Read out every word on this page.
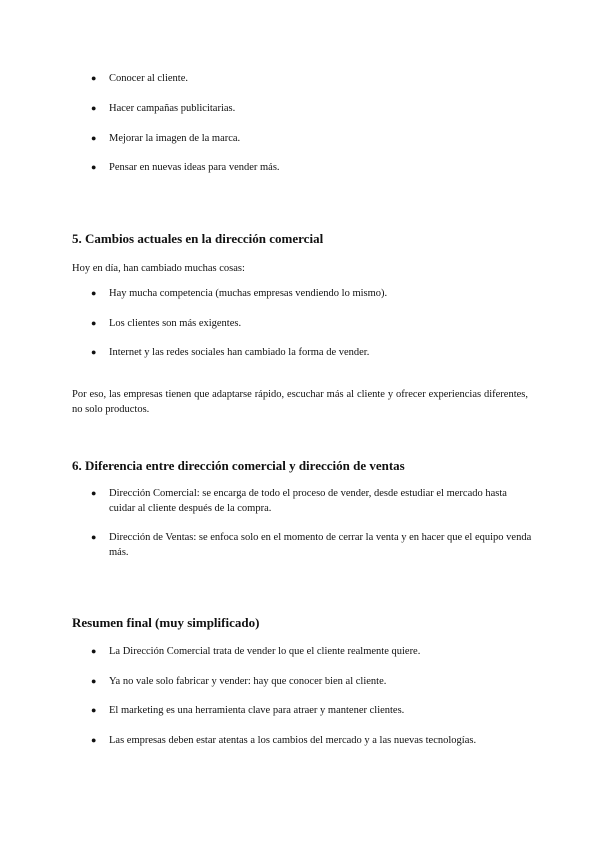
● Conocer al cliente.
● Hacer campañas publicitarias.
● Mejorar la imagen de la marca.
● Pensar en nuevas ideas para vender más.
5. Cambios actuales en la dirección comercial

Hoy en día, han cambiado muchas cosas:

● Hay mucha competencia (muchas empresas vendiendo lo mismo).
● Los clientes son más exigentes.
● Internet y las redes sociales han cambiado la forma de vender.

Por eso, las empresas tienen que adaptarse rápido, escuchar más al cliente y ofrecer experiencias diferentes, no solo productos.

6. Diferencia entre dirección comercial y dirección de ventas
● Dirección Comercial: se encarga de todo el proceso de vender, desde estudiar el mercado hasta cuidar al cliente después de la compra.
● Dirección de Ventas: se enfoca solo en el momento de cerrar la venta y en hacer que el equipo venda más.
Resumen final (muy simplificado)
● La Dirección Comercial trata de vender lo que el cliente realmente quiere.
● Ya no vale solo fabricar y vender: hay que conocer bien al cliente.
● El marketing es una herramienta clave para atraer y mantener clientes.
● Las empresas deben estar atentas a los cambios del mercado y a las nuevas tecnologías.
